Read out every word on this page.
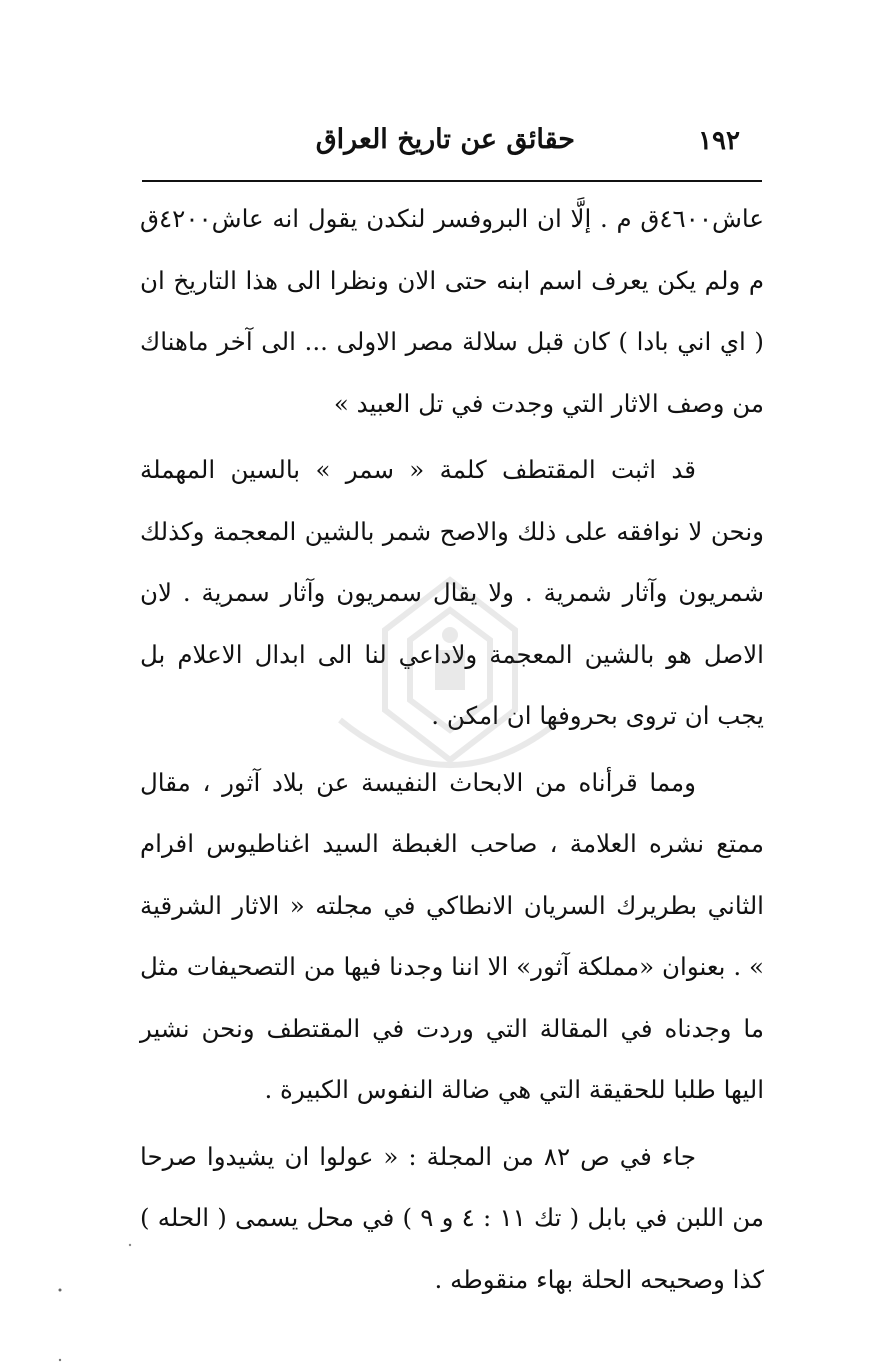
١٩٢
حقائق عن تاريخ العراق

عاش٤٦٠٠ق م . إلَّا ان البروفسر لنكدن يقول انه عاش٤٢٠٠ق م ولم يكن يعرف اسم ابنه حتى الان ونظرا الى هذا التاريخ ان ( اي اني بادا ) كان قبل سلالة مصر الاولى ... الى آخر ماهناك من وصف الاثار التي وجدت في تل العبيد »

قد اثبت المقتطف كلمة « سمر » بالسين المهملة ونحن لا نوافقه على ذلك والاصح شمر بالشين المعجمة وكذلك شمريون وآثار شمرية . ولا يقال سمريون وآثار سمرية . لان الاصل هو بالشين المعجمة ولاداعي لنا الى ابدال الاعلام بل يجب ان تروى بحروفها ان امكن .

ومما قرأناه من الابحاث النفيسة عن بلاد آثور ، مقال ممتع نشره العلامة ، صاحب الغبطة السيد اغناطيوس افرام الثاني بطريرك السريان الانطاكي في مجلته « الاثار الشرقية » . بعنوان «مملكة آثور» الا اننا وجدنا فيها من التصحيفات مثل ما وجدناه في المقالة التي وردت في المقتطف ونحن نشير اليها طلبا للحقيقة التي هي ضالة النفوس الكبيرة .

جاء في ص ٨٢ من المجلة : « عولوا ان يشيدوا صرحا من اللبن في بابل ( تك ١١ : ٤ و ٩ ) في محل يسمى ( الحله ) كذا وصحيحه الحلة بهاء منقوطه .
